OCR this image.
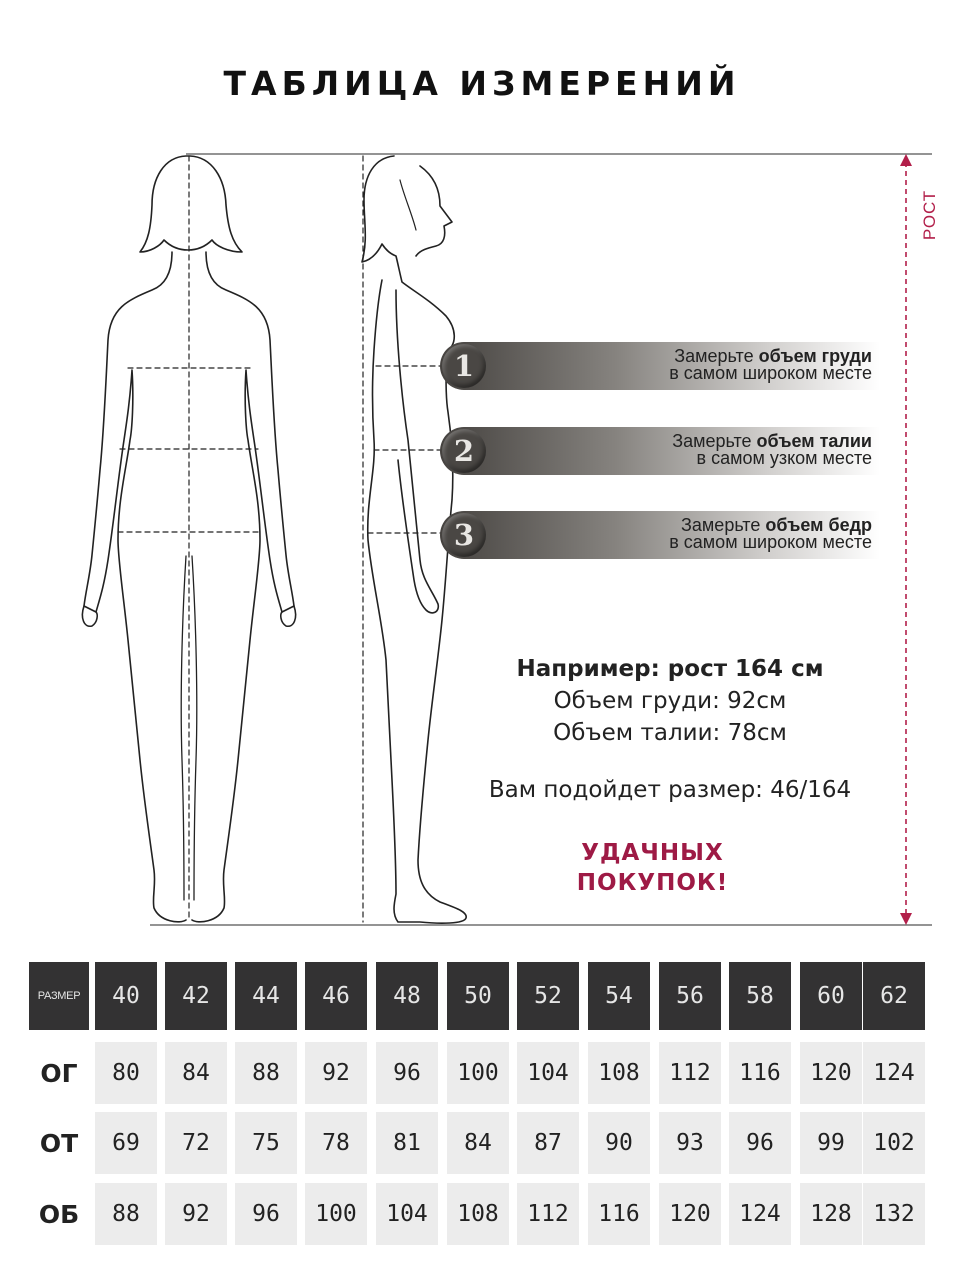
ТАБЛИЦА ИЗМЕРЕНИЙ
РОСТ
1	Замерьте объем груди
в самом широком месте
2	Замерьте объем талии
в самом узком месте
3	Замерьте объем бедр
в самом широком месте
Например: рост 164 см
Объем груди: 92см
Объем талии: 78см
Вам подойдет размер: 46/164
УДАЧНЫХ
ПОКУПОК!
РАЗМЕР	40	42	44	46	48	50	52	54	56	58	60	62
ОГ	80	84	88	92	96	100	104	108	112	116	120 124
ОТ	69	72	75	78	81	84	87	90	93	96	99	102
ОБ	88	92	96	100	104	108	112	116	120	124	128 132
